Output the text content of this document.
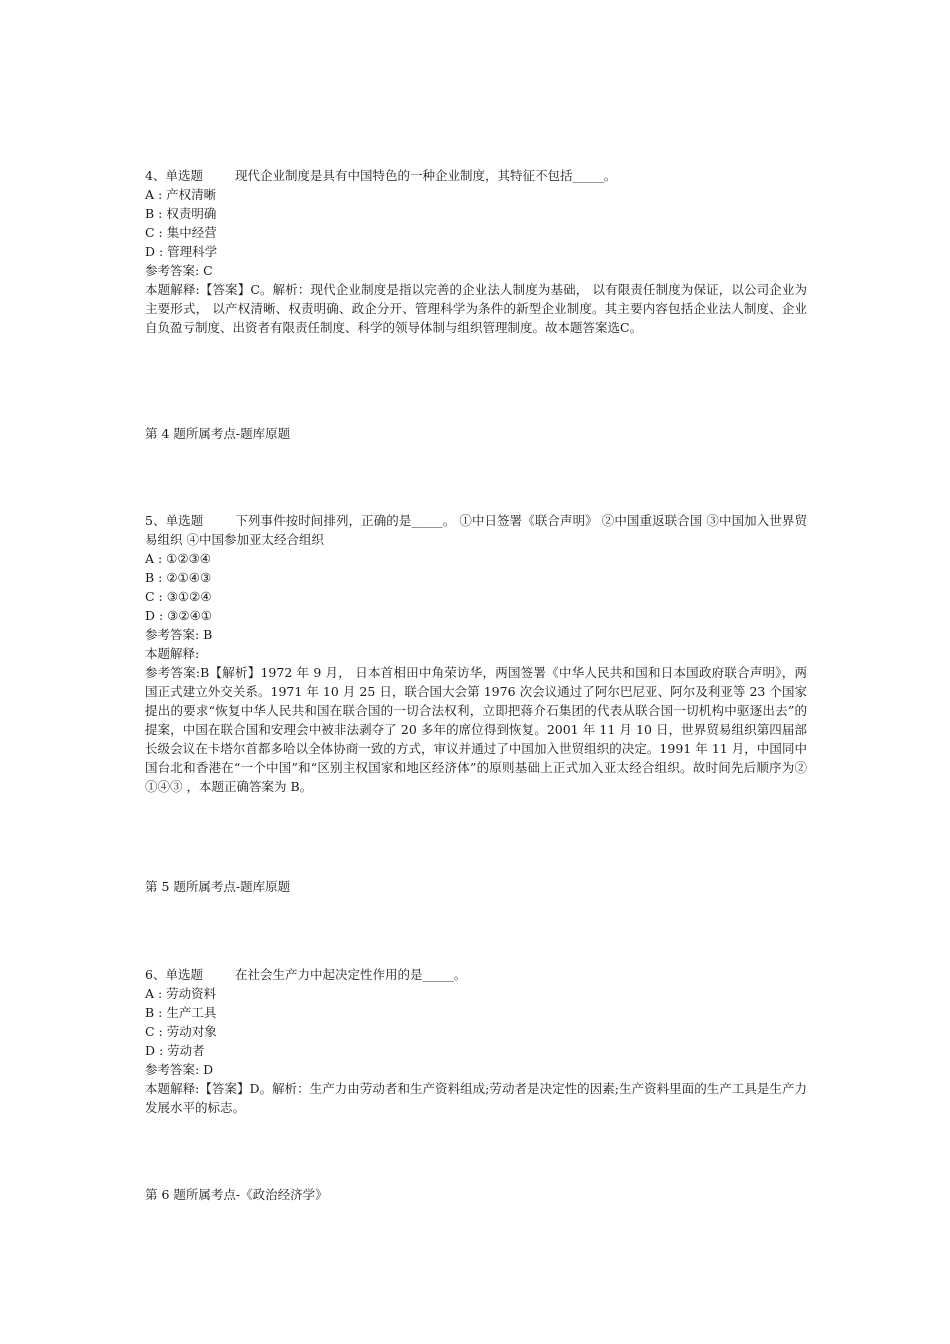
4、单选题	现代企业制度是具有中国特色的一种企业制度，其特征不包括_____。
A : 产权清晰
B : 权责明确
C : 集中经营
D : 管理科学
参考答案: C
本题解释:【答案】C。解析：现代企业制度是指以完善的企业法人制度为基础， 以有限责任制度为保证，以公司企业为主要形式， 以产权清晰、权责明确、政企分开、管理科学为条件的新型企业制度。其主要内容包括企业法人制度、企业自负盈亏制度、出资者有限责任制度、科学的领导体制与组织管理制度。故本题答案选C。
第 4 题所属考点-题库原题
5、单选题	下列事件按时间排列，正确的是_____。 ①中日签署《联合声明》 ②中国重返联合国 ③中国加入世界贸易组织 ④中国参加亚太经合组织
A : ①②③④
B : ②①④③
C : ③①②④
D : ③②④①
参考答案: B
本题解释:
参考答案:B【解析】1972 年 9 月， 日本首相田中角荣访华，两国签署《中华人民共和国和日本国政府联合声明》，两国正式建立外交关系。1971 年 10 月 25 日，联合国大会第 1976 次会议通过了阿尔巴尼亚、阿尔及利亚等 23 个国家提出的要求“恢复中华人民共和国在联合国的一切合法权利，立即把蒋介石集团的代表从联合国一切机构中驱逐出去”的提案，中国在联合国和安理会中被非法剥夺了 20 多年的席位得到恢复。2001 年 11 月 10 日，世界贸易组织第四届部长级会议在卡塔尔首都多哈以全体协商一致的方式，审议并通过了中国加入世贸组织的决定。1991 年 11 月，中国同中国台北和香港在“一个中国”和“区别主权国家和地区经济体”的原则基础上正式加入亚太经合组织。故时间先后顺序为②①④③ ，本题正确答案为 B。
第 5 题所属考点-题库原题
6、单选题	在社会生产力中起决定性作用的是_____。
A : 劳动资料
B : 生产工具
C : 劳动对象
D : 劳动者
参考答案: D
本题解释:【答案】D。解析：生产力由劳动者和生产资料组成;劳动者是决定性的因素;生产资料里面的生产工具是生产力发展水平的标志。
第 6 题所属考点-《政治经济学》
